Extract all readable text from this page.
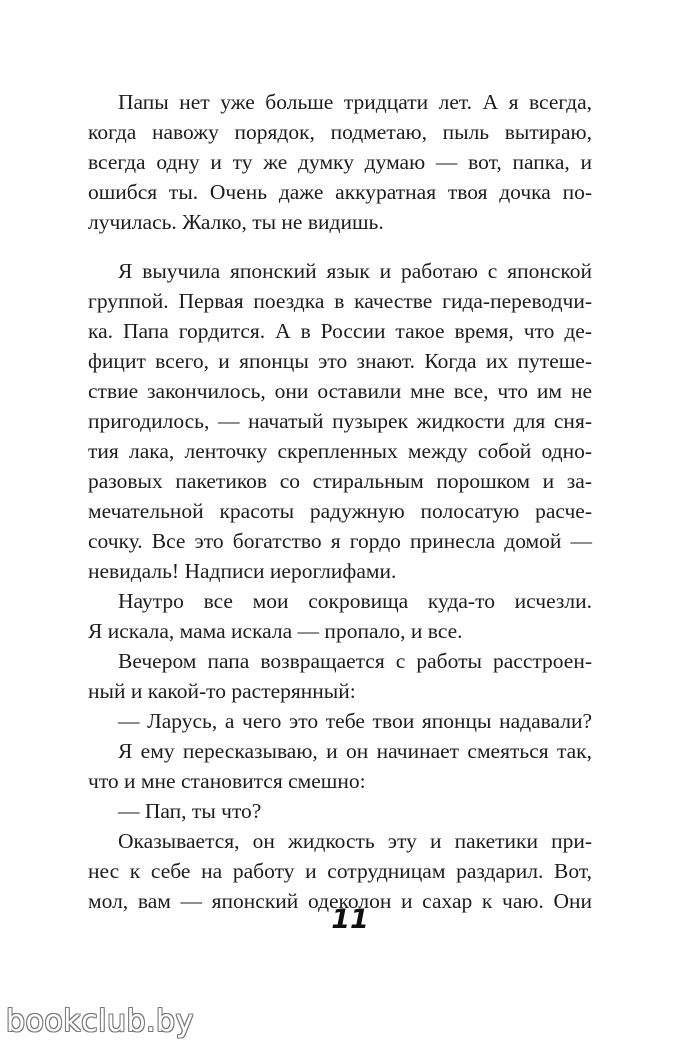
Папы нет уже больше тридцати лет. А я всегда,
когда навожу порядок, подметаю, пыль вытираю,
всегда одну и ту же думку думаю — вот, папка, и
ошибся ты. Очень даже аккуратная твоя дочка по-
лучилась. Жалко, ты не видишь.
Я выучила японский язык и работаю с японской
группой. Первая поездка в качестве гида-переводчи-
ка. Папа гордится. А в России такое время, что де-
фицит всего, и японцы это знают. Когда их путеше-
ствие закончилось, они оставили мне все, что им не
пригодилось, — начатый пузырек жидкости для сня-
тия лака, ленточку скрепленных между собой одно-
разовых пакетиков со стиральным порошком и за-
мечательной красоты радужную полосатую расче-
сочку. Все это богатство я гордо принесла домой —
невидаль! Надписи иероглифами.
Наутро все мои сокровища куда-то исчезли.
Я искала, мама искала — пропало, и все.
Вечером папа возвращается с работы расстроен-
ный и какой-то растерянный:
— Ларусь, а чего это тебе твои японцы надавали?
Я ему пересказываю, и он начинает смеяться так,
что и мне становится смешно:
— Пап, ты что?
Оказывается, он жидкость эту и пакетики при-
нес к себе на работу и сотрудницам раздарил. Вот,
мол, вам — японский одеколон и сахар к чаю. Они
11
bookclub.by
